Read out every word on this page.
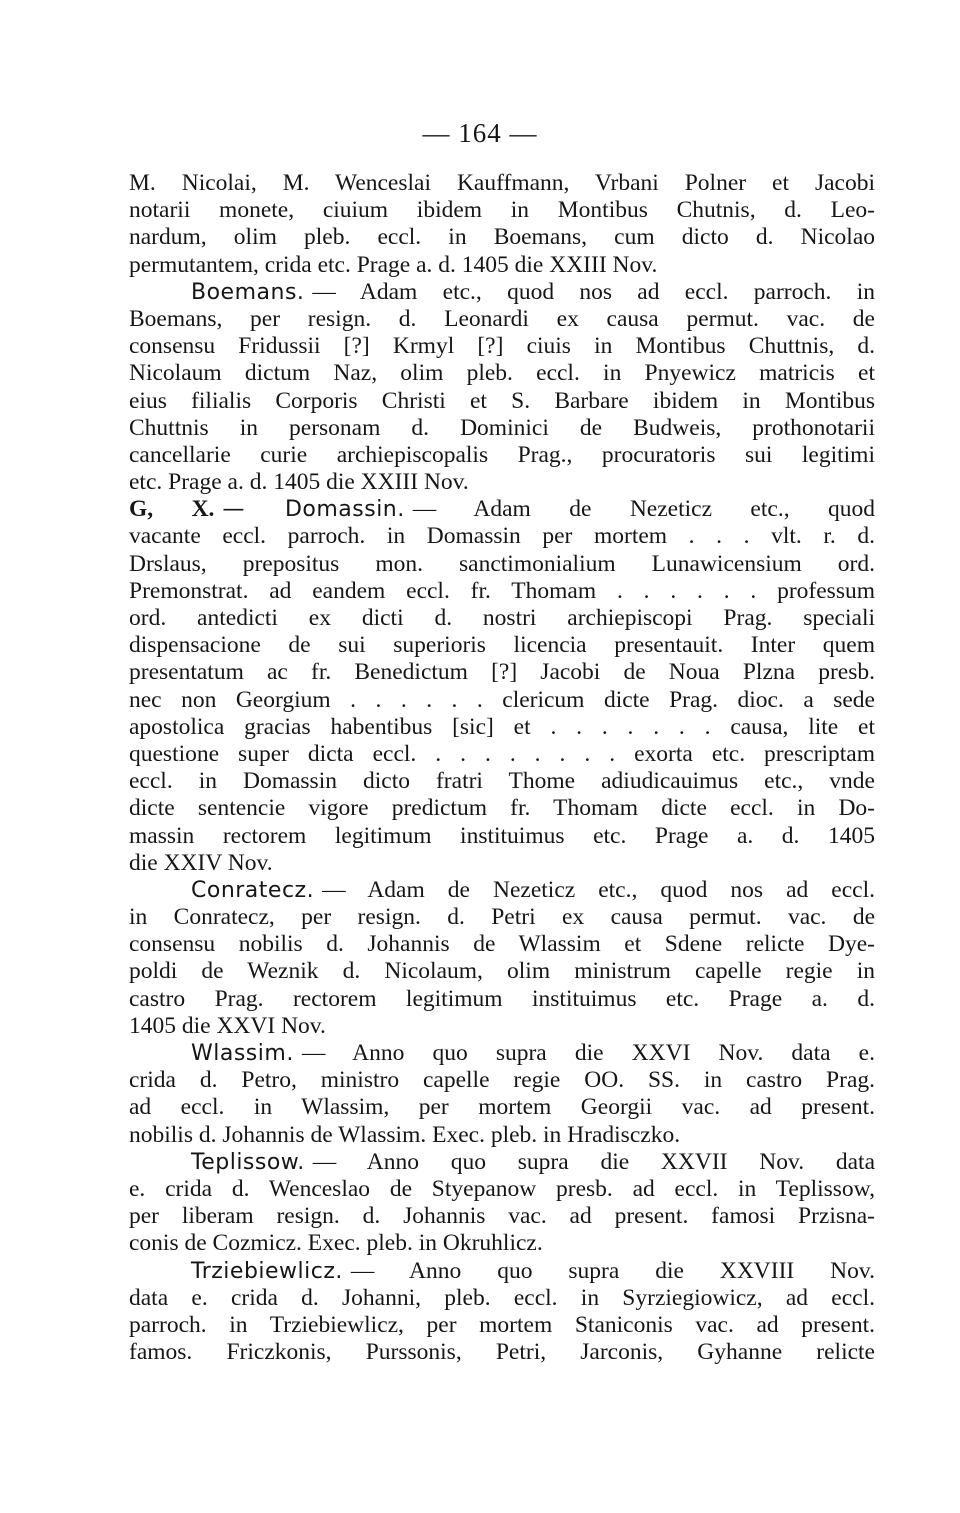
— 164 —
M. Nicolai, M. Wenceslai Kauffmann, Vrbani Polner et Jacobi
notarii monete, ciuium ibidem in Montibus Chutnis, d. Leo-
nardum, olim pleb. eccl. in Boemans, cum dicto d. Nicolao
permutantem, crida etc. Prage a. d. 1405 die XXIII Nov.
Boemans. — Adam etc., quod nos ad eccl. parroch. in
Boemans, per resign. d. Leonardi ex causa permut. vac. de
consensu Fridussii [?] Krmyl [?] ciuis in Montibus Chuttnis, d.
Nicolaum dictum Naz, olim pleb. eccl. in Pnyewicz matricis et
eius filialis Corporis Christi et S. Barbare ibidem in Montibus
Chuttnis in personam d. Dominici de Budweis, prothonotarii
cancellarie curie archiepiscopalis Prag., procuratoris sui legitimi
etc. Prage a. d. 1405 die XXIII Nov.
G, X. — Domassin. — Adam de Nezeticz etc., quod
vacante eccl. parroch. in Domassin per mortem . . . vlt. r. d.
Drslaus, prepositus mon. sanctimonialium Lunawicensium ord.
Premonstrat. ad eandem eccl. fr. Thomam . . . . . . professum
ord. antedicti ex dicti d. nostri archiepiscopi Prag. speciali
dispensacione de sui superioris licencia presentauit. Inter quem
presentatum ac fr. Benedictum [?] Jacobi de Noua Plzna presb.
nec non Georgium . . . . . . clericum dicte Prag. dioc. a sede
apostolica gracias habentibus [sic] et . . . . . . . causa, lite et
questione super dicta eccl. . . . . . . . . exorta etc. prescriptam
eccl. in Domassin dicto fratri Thome adiudicauimus etc., vnde
dicte sentencie vigore predictum fr. Thomam dicte eccl. in Do-
massin rectorem legitimum instituimus etc. Prage a. d. 1405
die XXIV Nov.
Conratecz. — Adam de Nezeticz etc., quod nos ad eccl.
in Conratecz, per resign. d. Petri ex causa permut. vac. de
consensu nobilis d. Johannis de Wlassim et Sdene relicte Dye-
poldi de Weznik d. Nicolaum, olim ministrum capelle regie in
castro Prag. rectorem legitimum instituimus etc. Prage a. d.
1405 die XXVI Nov.
Wlassim. — Anno quo supra die XXVI Nov. data e.
crida d. Petro, ministro capelle regie OO. SS. in castro Prag.
ad eccl. in Wlassim, per mortem Georgii vac. ad present.
nobilis d. Johannis de Wlassim. Exec. pleb. in Hradisczko.
Teplissow. — Anno quo supra die XXVII Nov. data
e. crida d. Wenceslao de Styepanow presb. ad eccl. in Teplissow,
per liberam resign. d. Johannis vac. ad present. famosi Przisna-
conis de Cozmicz. Exec. pleb. in Okruhlicz.
Trziebiewlicz. — Anno quo supra die XXVIII Nov.
data e. crida d. Johanni, pleb. eccl. in Syrziegiowicz, ad eccl.
parroch. in Trziebiewlicz, per mortem Staniconis vac. ad present.
famos. Friczkonis, Purssonis, Petri, Jarconis, Gyhanne relicte
